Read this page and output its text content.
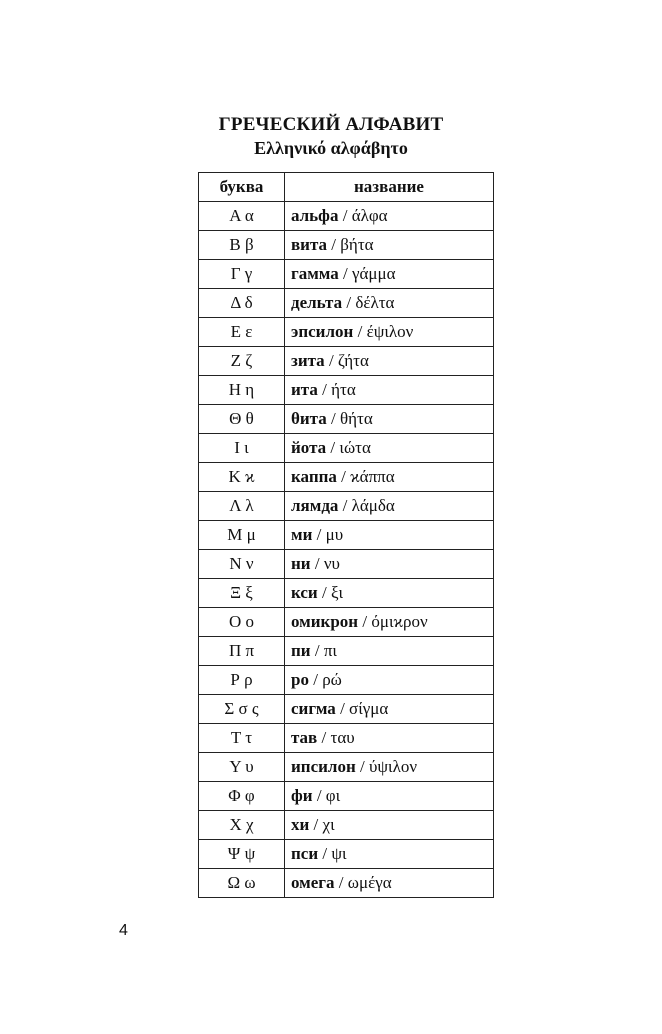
ГРЕЧЕСКИЙ АЛФАВИТ
Ελληνικό αλφάβητο
буква	название
Α α	альфа / άλφα
Β β	вита / βήτα
Γ γ	гамма / γάμμα
Δ δ	дельта / δέλτα
Ε ε	эпсилон / έψιλον
Ζ ζ	зита / ζήτα
Η η	ита / ήτα
Θ θ	θита / θήτα
Ι ι	йота / ιώτα
Κ ϰ	каппа / ϰάππα
Λ λ	лямда / λάμδα
Μ μ	ми / μυ
Ν ν	ни / νυ
Ξ ξ	кси / ξι
Ο ο	омикрон / όμιϰρον
Π π	пи / πι
Ρ ρ	ро / ρώ
Σ σ ς	сигма / σίγμα
Τ τ	тав / ταυ
Υ υ	ипсилон / ύψιλον
Φ φ	фи / φι
Χ χ	хи / χι
Ψ ψ	пси / ψι
Ω ω	омега / ωμέγα
4
